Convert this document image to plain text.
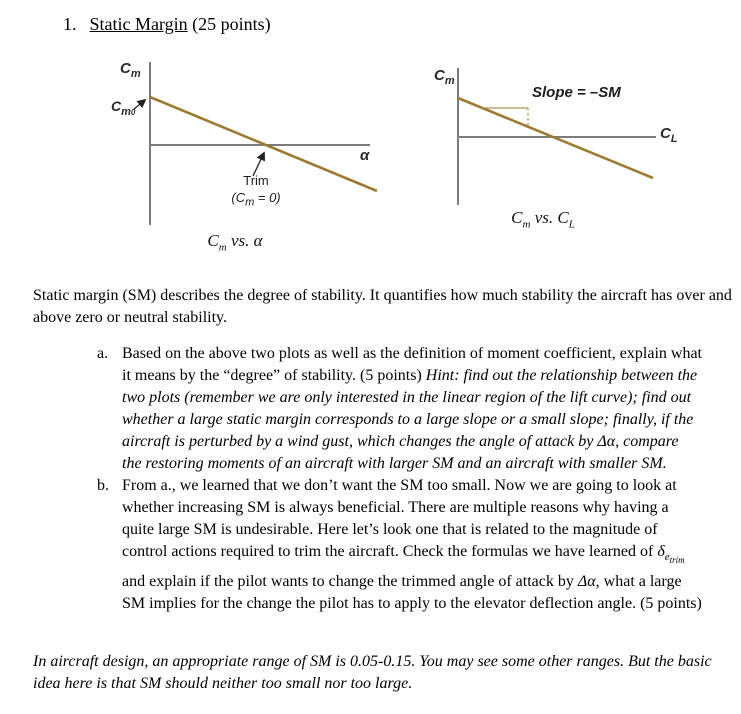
1. Static Margin (25 points)
$C_m$
$C_{m0}$
α
Trim
$(C_m = 0)$
$C_m$ vs. α
$C_m$
Slope = –SM
$C_L$
$C_m$ vs. $C_L$
Static margin (SM) describes the degree of stability. It quantifies how much stability the aircraft has over and above zero or neutral stability.
a. Based on the above two plots as well as the definition of moment coefficient, explain what it means by the “degree” of stability. (5 points) Hint: find out the relationship between the two plots (remember we are only interested in the linear region of the lift curve); find out whether a large static margin corresponds to a large slope or a small slope; finally, if the aircraft is perturbed by a wind gust, which changes the angle of attack by Δα, compare the restoring moments of an aircraft with larger SM and an aircraft with smaller SM.
b. From a., we learned that we don’t want the SM too small. Now we are going to look at whether increasing SM is always beneficial. There are multiple reasons why having a quite large SM is undesirable. Here let’s look one that is related to the magnitude of control actions required to trim the aircraft. Check the formulas we have learned of $\delta_{e_{trim}}$ and explain if the pilot wants to change the trimmed angle of attack by Δα, what a large SM implies for the change the pilot has to apply to the elevator deflection angle. (5 points)
In aircraft design, an appropriate range of SM is 0.05-0.15. You may see some other ranges. But the basic idea here is that SM should neither too small nor too large.
